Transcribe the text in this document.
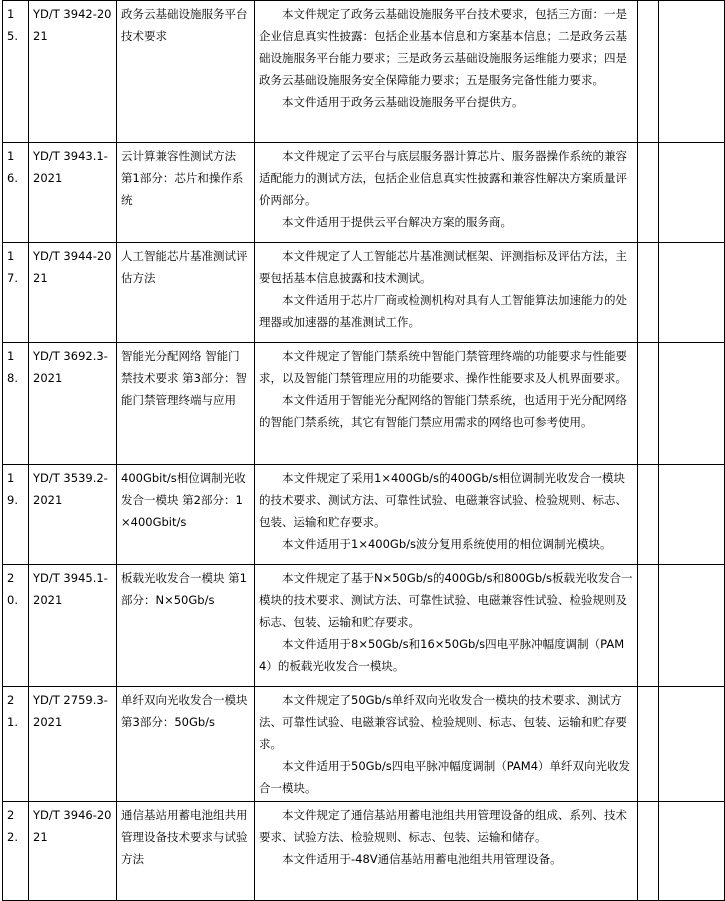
15.	YD/T 3942-2021	政务云基础设施服务平台技术要求	本文件规定了政务云基础设施服务平台技术要求，包括三方面：一是企业信息真实性披露：包括企业基本信息和方案基本信息；二是政务云基础设施服务平台能力要求；三是政务云基础设施服务运维能力要求；四是政务云基础设施服务安全保障能力要求；五是服务完备性能力要求。

本文件适用于政务云基础设施服务平台提供方。		

16.	YD/T 3943.1-2021	云计算兼容性测试方法 第1部分：芯片和操作系统	本文件规定了云平台与底层服务器计算芯片、服务器操作系统的兼容适配能力的测试方法，包括企业信息真实性披露和兼容性解决方案质量评价两部分。

本文件适用于提供云平台解决方案的服务商。		

17.	YD/T 3944-2021	人工智能芯片基准测试评估方法	本文件规定了人工智能芯片基准测试框架、评测指标及评估方法，主要包括基本信息披露和技术测试。

本文件适用于芯片厂商或检测机构对具有人工智能算法加速能力的处理器或加速器的基准测试工作。		

18.	YD/T 3692.3-2021	智能光分配网络 智能门禁技术要求 第3部分：智能门禁管理终端与应用	本文件规定了智能门禁系统中智能门禁管理终端的功能要求与性能要求，以及智能门禁管理应用的功能要求、操作性能要求及人机界面要求。

本文件适用于智能光分配网络的智能门禁系统，也适用于光分配网络的智能门禁系统，其它有智能门禁应用需求的网络也可参考使用。		

19.	YD/T 3539.2-2021	400Gbit/s相位调制光收发合一模块 第2部分：1×400Gbit/s	本文件规定了采用1×400Gb/s的400Gb/s相位调制光收发合一模块的技术要求、测试方法、可靠性试验、电磁兼容试验、检验规则、标志、包装、运输和贮存要求。

本文件适用于1×400Gb/s波分复用系统使用的相位调制光模块。		

20.	YD/T 3945.1-2021	板载光收发合一模块 第1部分：N×50Gb/s	本文件规定了基于N×50Gb/s的400Gb/s和800Gb/s板载光收发合一模块的技术要求、测试方法、可靠性试验、电磁兼容性试验、检验规则及标志、包装、运输和贮存要求。

本文件适用于8×50Gb/s和16×50Gb/s四电平脉冲幅度调制（PAM4）的板载光收发合一模块。		

21.	YD/T 2759.3-2021	单纤双向光收发合一模块 第3部分：50Gb/s	本文件规定了50Gb/s单纤双向光收发合一模块的技术要求、测试方法、可靠性试验、电磁兼容试验、检验规则、标志、包装、运输和贮存要求。

本文件适用于50Gb/s四电平脉冲幅度调制（PAM4）单纤双向光收发合一模块。		

22.	YD/T 3946-2021	通信基站用蓄电池组共用管理设备技术要求与试验方法	本文件规定了通信基站用蓄电池组共用管理设备的组成、系列、技术要求、试验方法、检验规则、标志、包装、运输和储存。

本文件适用于-48V通信基站用蓄电池组共用管理设备。		
